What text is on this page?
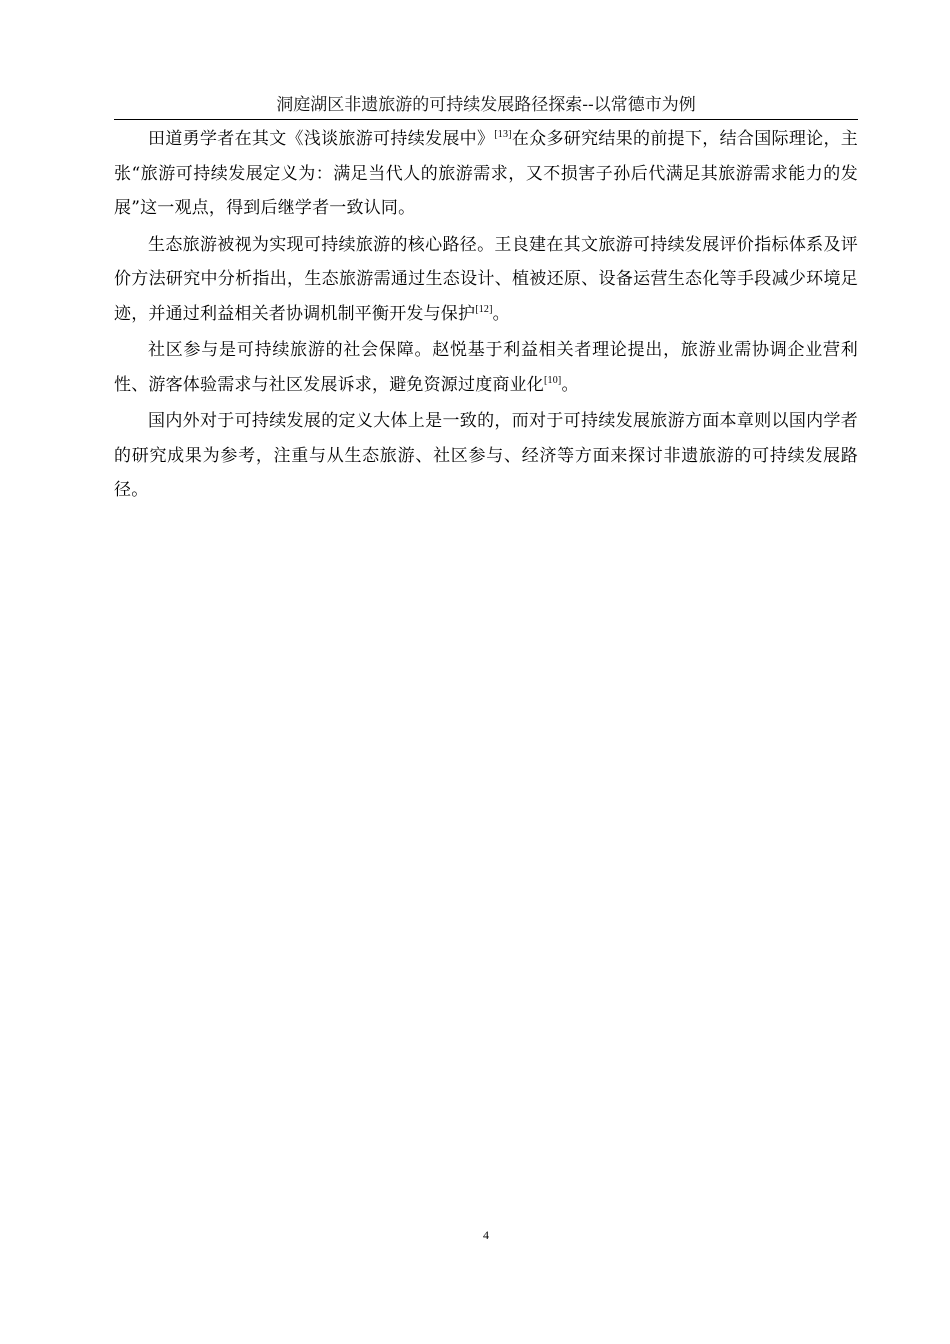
洞庭湖区非遗旅游的可持续发展路径探索--以常德市为例

田道勇学者在其文《浅谈旅游可持续发展中》[13]在众多研究结果的前提下，结合国际理论，主张“旅游可持续发展定义为：满足当代人的旅游需求，又不损害子孙后代满足其旅游需求能力的发展”这一观点，得到后继学者一致认同。

生态旅游被视为实现可持续旅游的核心路径。王良建在其文旅游可持续发展评价指标体系及评价方法研究中分析指出，生态旅游需通过生态设计、植被还原、设备运营生态化等手段减少环境足迹，并通过利益相关者协调机制平衡开发与保护[12]。

社区参与是可持续旅游的社会保障。赵悦基于利益相关者理论提出，旅游业需协调企业营利性、游客体验需求与社区发展诉求，避免资源过度商业化[10]。

国内外对于可持续发展的定义大体上是一致的，而对于可持续发展旅游方面本章则以国内学者的研究成果为参考，注重与从生态旅游、社区参与、经济等方面来探讨非遗旅游的可持续发展路径。

4
